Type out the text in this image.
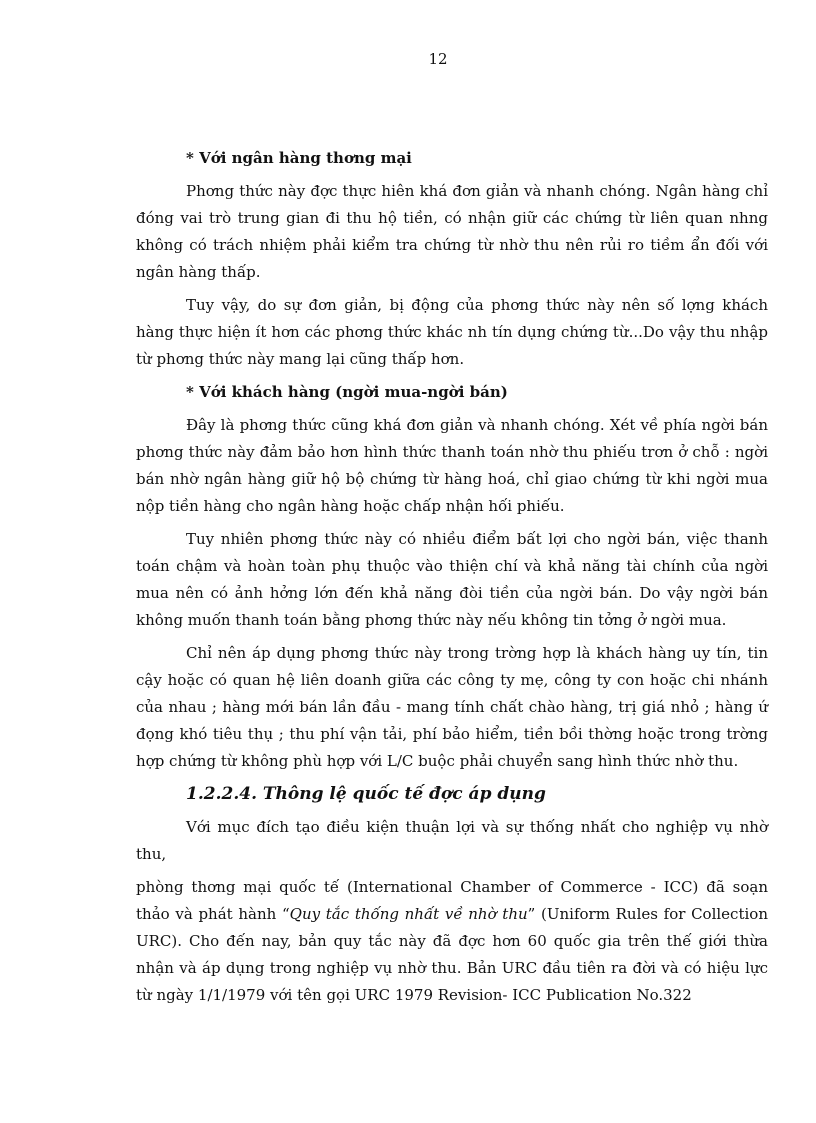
12

* Với ngân hàng thơng mại

Phơng thức này đợc thực hiên khá đơn giản và nhanh chóng. Ngân hàng chỉ đóng vai trò trung gian đi thu hộ tiền, có nhận giữ các chứng từ liên quan nhng không có trách nhiệm phải kiểm tra chứng từ nhờ thu nên rủi ro tiềm ẩn đối với ngân hàng thấp.

Tuy vậy, do sự đơn giản, bị động của phơng thức này nên số lợng khách hàng thực hiện ít hơn các phơng thức khác nh tín dụng chứng từ...Do vậy thu nhập từ phơng thức này mang lại cũng thấp hơn.

* Với khách hàng (ngời mua-ngời bán)

Đây là phơng thức cũng khá đơn giản và nhanh chóng. Xét về phía ngời bán phơng thức này đảm bảo hơn hình thức thanh toán nhờ thu phiếu trơn ở chỗ : ngời bán nhờ ngân hàng giữ hộ bộ chứng từ hàng hoá, chỉ giao chứng từ khi ngời mua nộp tiền hàng cho ngân hàng hoặc chấp nhận hối phiếu.

Tuy nhiên phơng thức này có nhiều điểm bất lợi cho ngời bán, việc thanh toán chậm và hoàn toàn phụ thuộc vào thiện chí và khả năng tài chính của ngời mua nên có ảnh hởng lớn đến khả năng đòi tiền của ngời bán. Do vậy ngời bán không muốn thanh toán bằng phơng thức này nếu không tin tởng ở ngời mua.

Chỉ nên áp dụng phơng thức này trong trờng hợp là khách hàng uy tín, tin cậy hoặc có quan hệ liên doanh giữa các công ty mẹ, công ty con hoặc chi nhánh của nhau ; hàng mới bán lần đầu - mang tính chất chào hàng, trị giá nhỏ ; hàng ứ đọng khó tiêu thụ ; thu phí vận tải, phí bảo hiểm, tiền bồi thờng hoặc trong trờng hợp chứng từ không phù hợp với L/C buộc phải chuyển sang hình thức nhờ thu.

1.2.2.4. Thông lệ quốc tế đợc áp dụng

Với mục đích tạo điều kiện thuận lợi và sự thống nhất cho nghiệp vụ nhờ thu,

phòng thơng mại quốc tế (International Chamber of Commerce - ICC) đã soạn thảo và phát hành “Quy tắc thống nhất về nhờ thu” (Uniform Rules for Collection URC). Cho đến nay, bản quy tắc này đã đợc hơn 60 quốc gia trên thế giới thừa nhận và áp dụng trong nghiệp vụ nhờ thu. Bản URC đầu tiên ra đời và có hiệu lực từ ngày 1/1/1979 với tên gọi URC 1979 Revision- ICC Publication No.322
